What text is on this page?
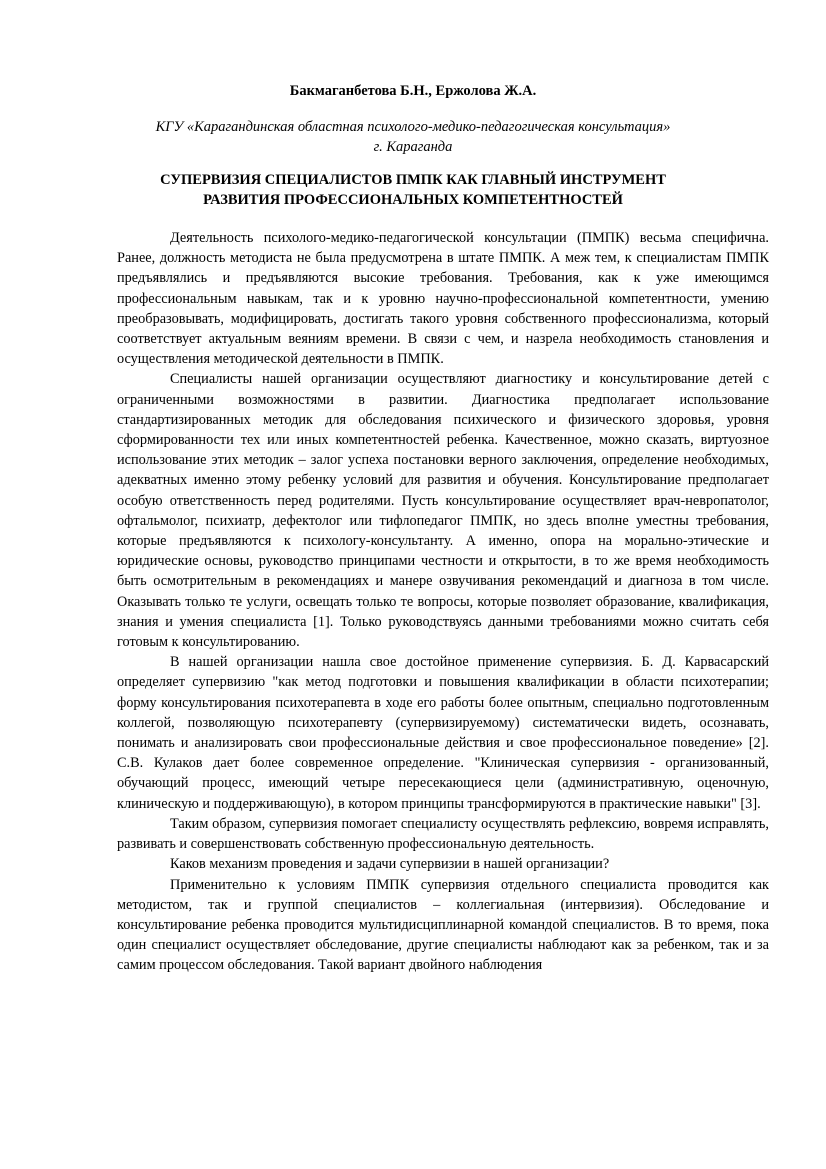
Бакмаганбетова Б.Н., Ержолова Ж.А.
КГУ «Карагандинская областная психолого-медико-педагогическая консультация»
г. Караганда
СУПЕРВИЗИЯ СПЕЦИАЛИСТОВ ПМПК КАК ГЛАВНЫЙ ИНСТРУМЕНТ
РАЗВИТИЯ ПРОФЕССИОНАЛЬНЫХ КОМПЕТЕНТНОСТЕЙ

Деятельность психолого-медико-педагогической консультации (ПМПК) весьма специфична. Ранее, должность методиста не была предусмотрена в штате ПМПК. А меж тем, к специалистам ПМПК предъявлялись и предъявляются высокие требования. Требования, как к уже имеющимся профессиональным навыкам, так и к уровню научно-профессиональной компетентности, умению преобразовывать, модифицировать, достигать такого уровня собственного профессионализма, который соответствует актуальным веяниям времени. В связи с чем, и назрела необходимость становления и осуществления методической деятельности в ПМПК.

Специалисты нашей организации осуществляют диагностику и консультирование детей с ограниченными возможностями в развитии. Диагностика предполагает использование стандартизированных методик для обследования психического и физического здоровья, уровня сформированности тех или иных компетентностей ребенка. Качественное, можно сказать, виртуозное использование этих методик – залог успеха постановки верного заключения, определение необходимых, адекватных именно этому ребенку условий для развития и обучения. Консультирование предполагает особую ответственность перед родителями. Пусть консультирование осуществляет врач-невропатолог, офтальмолог, психиатр, дефектолог или тифлопедагог ПМПК, но здесь вполне уместны требования, которые предъявляются к психологу-консультанту. А именно, опора на морально-этические и юридические основы, руководство принципами честности и открытости, в то же время необходимость быть осмотрительным в рекомендациях и манере озвучивания рекомендаций и диагноза в том числе. Оказывать только те услуги, освещать только те вопросы, которые позволяет образование, квалификация, знания и умения специалиста [1]. Только руководствуясь данными требованиями можно считать себя готовым к консультированию.

В нашей организации нашла свое достойное применение супервизия. Б. Д. Карвасарский определяет супервизию "как метод подготовки и повышения квалификации в области психотерапии; форму консультирования психотерапевта в ходе его работы более опытным, специально подготовленным коллегой, позволяющую психотерапевту (супервизируемому) систематически видеть, осознавать, понимать и анализировать свои профессиональные действия и свое профессиональное поведение» [2]. С.В. Кулаков дает более современное определение. "Клиническая супервизия - организованный, обучающий процесс, имеющий четыре пересекающиеся цели (административную, оценочную, клиническую и поддерживающую), в котором принципы трансформируются в практические навыки" [3].

Таким образом, супервизия помогает специалисту осуществлять рефлексию, вовремя исправлять, развивать и совершенствовать собственную профессиональную деятельность.

Каков механизм проведения и задачи супервизии в нашей организации?

Применительно к условиям ПМПК супервизия отдельного специалиста проводится как методистом, так и группой специалистов – коллегиальная (интервизия). Обследование и консультирование ребенка проводится мультидисциплинарной командой специалистов. В то время, пока один специалист осуществляет обследование, другие специалисты наблюдают как за ребенком, так и за самим процессом обследования. Такой вариант двойного наблюдения
